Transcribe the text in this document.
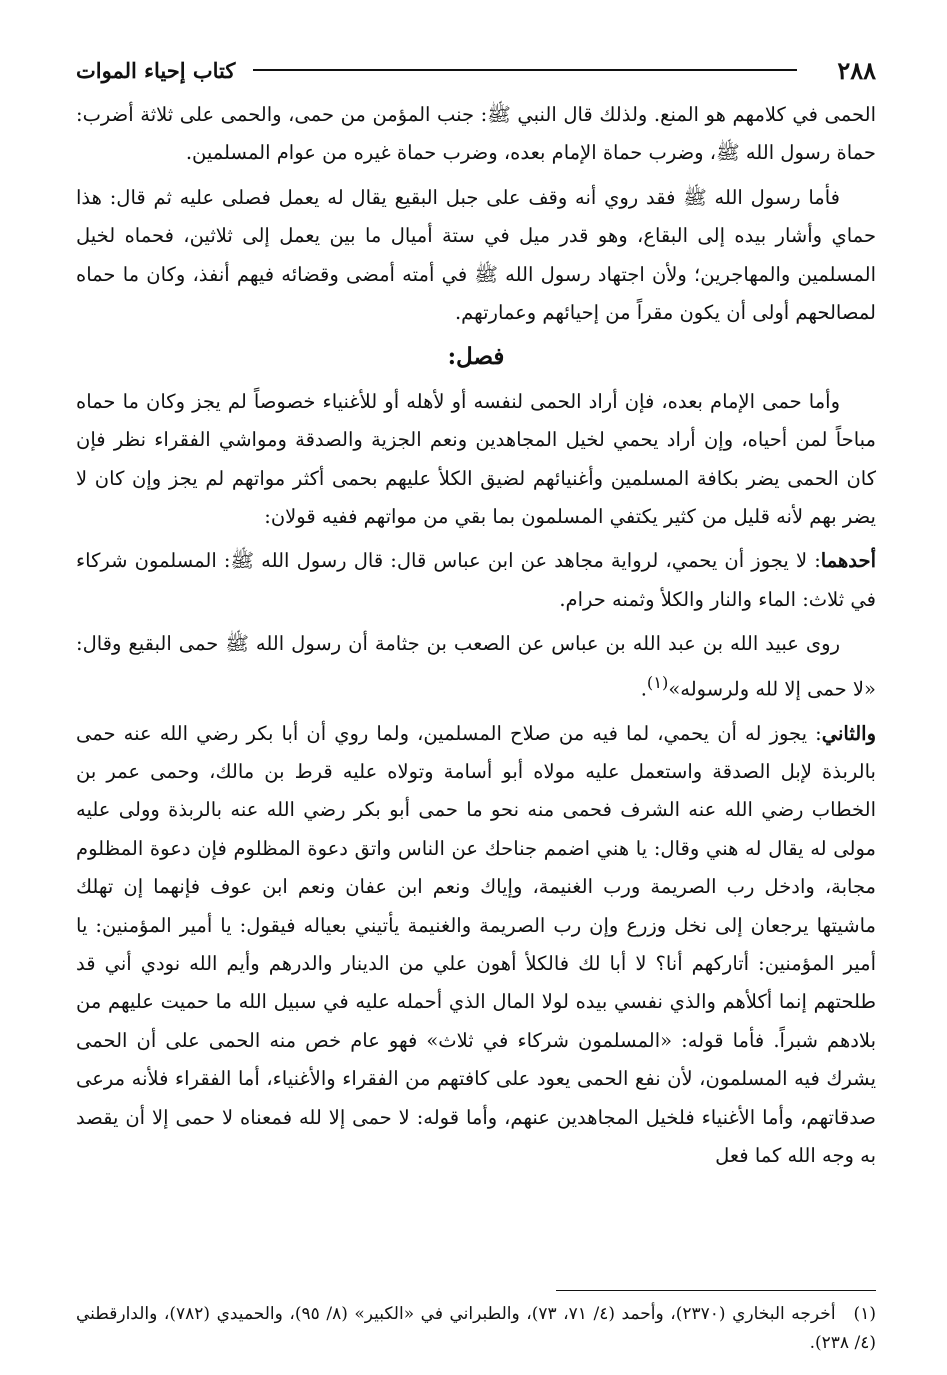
٢٨٨
كتاب إحياء الموات

الحمى في كلامهم هو المنع. ولذلك قال النبي ﷺ: جنب المؤمن من حمى، والحمى على ثلاثة أضرب: حماة رسول الله ﷺ، وضرب حماة الإمام بعده، وضرب حماة غيره من عوام المسلمين.

فأما رسول الله ﷺ فقد روي أنه وقف على جبل البقيع يقال له يعمل فصلى عليه ثم قال: هذا حماي وأشار بيده إلى البقاع، وهو قدر ميل في ستة أميال ما بين يعمل إلى ثلاثين، فحماه لخيل المسلمين والمهاجرين؛ ولأن اجتهاد رسول الله ﷺ في أمته أمضى وقضائه فيهم أنفذ، وكان ما حماه لمصالحهم أولى أن يكون مقراً من إحيائهم وعمارتهم.

فصل:

وأما حمى الإمام بعده، فإن أراد الحمى لنفسه أو لأهله أو للأغنياء خصوصاً لم يجز وكان ما حماه مباحاً لمن أحياه، وإن أراد يحمي لخيل المجاهدين ونعم الجزية والصدقة ومواشي الفقراء نظر فإن كان الحمى يضر بكافة المسلمين وأغنيائهم لضيق الكلأ عليهم بحمى أكثر مواتهم لم يجز وإن كان لا يضر بهم لأنه قليل من كثير يكتفي المسلمون بما بقي من مواتهم ففيه قولان:

أحدهما: لا يجوز أن يحمي، لرواية مجاهد عن ابن عباس قال: قال رسول الله ﷺ: المسلمون شركاء في ثلاث: الماء والنار والكلأ وثمنه حرام.

روى عبيد الله بن عبد الله بن عباس عن الصعب بن جثامة أن رسول الله ﷺ حمى البقيع وقال: «لا حمى إلا لله ولرسوله»$^{(١)}$.

والثاني: يجوز له أن يحمي، لما فيه من صلاح المسلمين، ولما روي أن أبا بكر رضي الله عنه حمى بالربذة لإبل الصدقة واستعمل عليه مولاه أبو أسامة وتولاه عليه قرط بن مالك، وحمى عمر بن الخطاب رضي الله عنه الشرف فحمى منه نحو ما حمى أبو بكر رضي الله عنه بالربذة وولى عليه مولى له يقال له هني وقال: يا هني اضمم جناحك عن الناس واتق دعوة المظلوم فإن دعوة المظلوم مجابة، وادخل رب الصريمة ورب الغنيمة، وإياك ونعم ابن عفان ونعم ابن عوف فإنهما إن تهلك ماشيتها يرجعان إلى نخل وزرع وإن رب الصريمة والغنيمة يأتيني بعياله فيقول: يا أمير المؤمنين: يا أمير المؤمنين: أتاركهم أنا؟ لا أبا لك فالكلأ أهون علي من الدينار والدرهم وأيم الله نودي أني قد طلحتهم إنما أكلأهم والذي نفسي بيده لولا المال الذي أحمله عليه في سبيل الله ما حميت عليهم من بلادهم شبراً. فأما قوله: «المسلمون شركاء في ثلاث» فهو عام خص منه الحمى على أن الحمى يشرك فيه المسلمون، لأن نفع الحمى يعود على كافتهم من الفقراء والأغنياء، أما الفقراء فلأنه مرعى صدقاتهم، وأما الأغنياء فلخيل المجاهدين عنهم، وأما قوله: لا حمى إلا لله فمعناه لا حمى إلا أن يقصد به وجه الله كما فعل

(١)أخرجه البخاري (٢٣٧٠)، وأحمد (٤/ ٧١، ٧٣)، والطبراني في «الكبير» (٨/ ٩٥)، والحميدي (٧٨٢)، والدارقطني (٤/ ٢٣٨).
